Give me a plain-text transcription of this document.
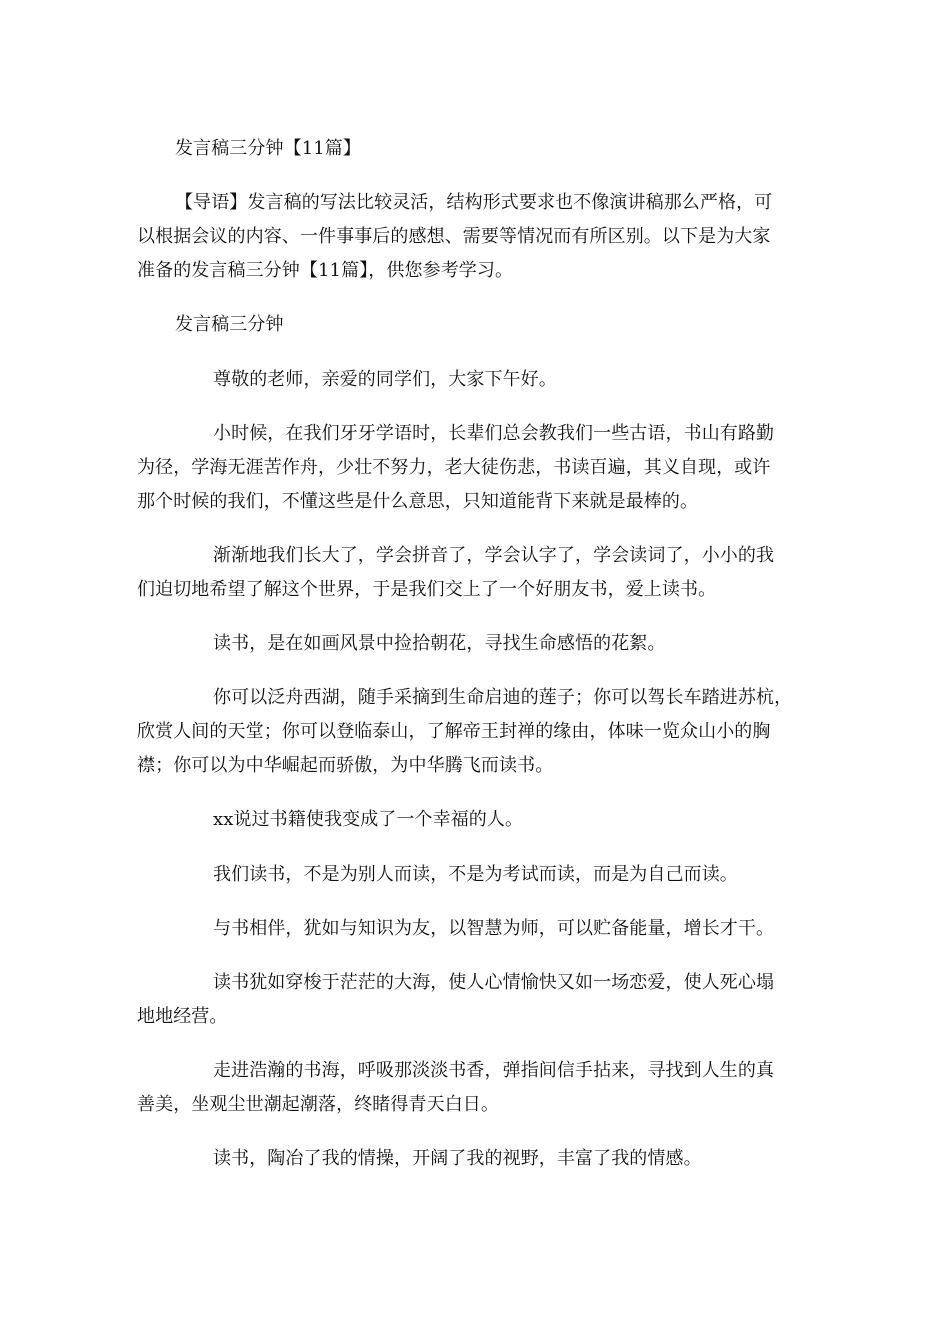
发言稿三分钟【11篇】

【导语】发言稿的写法比较灵活，结构形式要求也不像演讲稿那么严格，可

以根据会议的内容、一件事事后的感想、需要等情况而有所区别。以下是为大家

准备的发言稿三分钟【11篇】，供您参考学习。

发言稿三分钟

尊敬的老师，亲爱的同学们，大家下午好。

小时候，在我们牙牙学语时，长辈们总会教我们一些古语，书山有路勤

为径，学海无涯苦作舟，少壮不努力，老大徒伤悲，书读百遍，其义自现，或许

那个时候的我们，不懂这些是什么意思，只知道能背下来就是最棒的。

渐渐地我们长大了，学会拼音了，学会认字了，学会读词了，小小的我

们迫切地希望了解这个世界，于是我们交上了一个好朋友书，爱上读书。

读书，是在如画风景中捡拾朝花，寻找生命感悟的花絮。

你可以泛舟西湖，随手采摘到生命启迪的莲子；你可以驾长车踏进苏杭，

欣赏人间的天堂；你可以登临泰山，了解帝王封禅的缘由，体味一览众山小的胸

襟；你可以为中华崛起而骄傲，为中华腾飞而读书。

xx说过书籍使我变成了一个幸福的人。

我们读书，不是为别人而读，不是为考试而读，而是为自己而读。

与书相伴，犹如与知识为友，以智慧为师，可以贮备能量，增长才干。

读书犹如穿梭于茫茫的大海，使人心情愉快又如一场恋爱，使人死心塌

地地经营。

走进浩瀚的书海，呼吸那淡淡书香，弹指间信手拈来，寻找到人生的真

善美，坐观尘世潮起潮落，终睹得青天白日。

读书，陶冶了我的情操，开阔了我的视野，丰富了我的情感。
